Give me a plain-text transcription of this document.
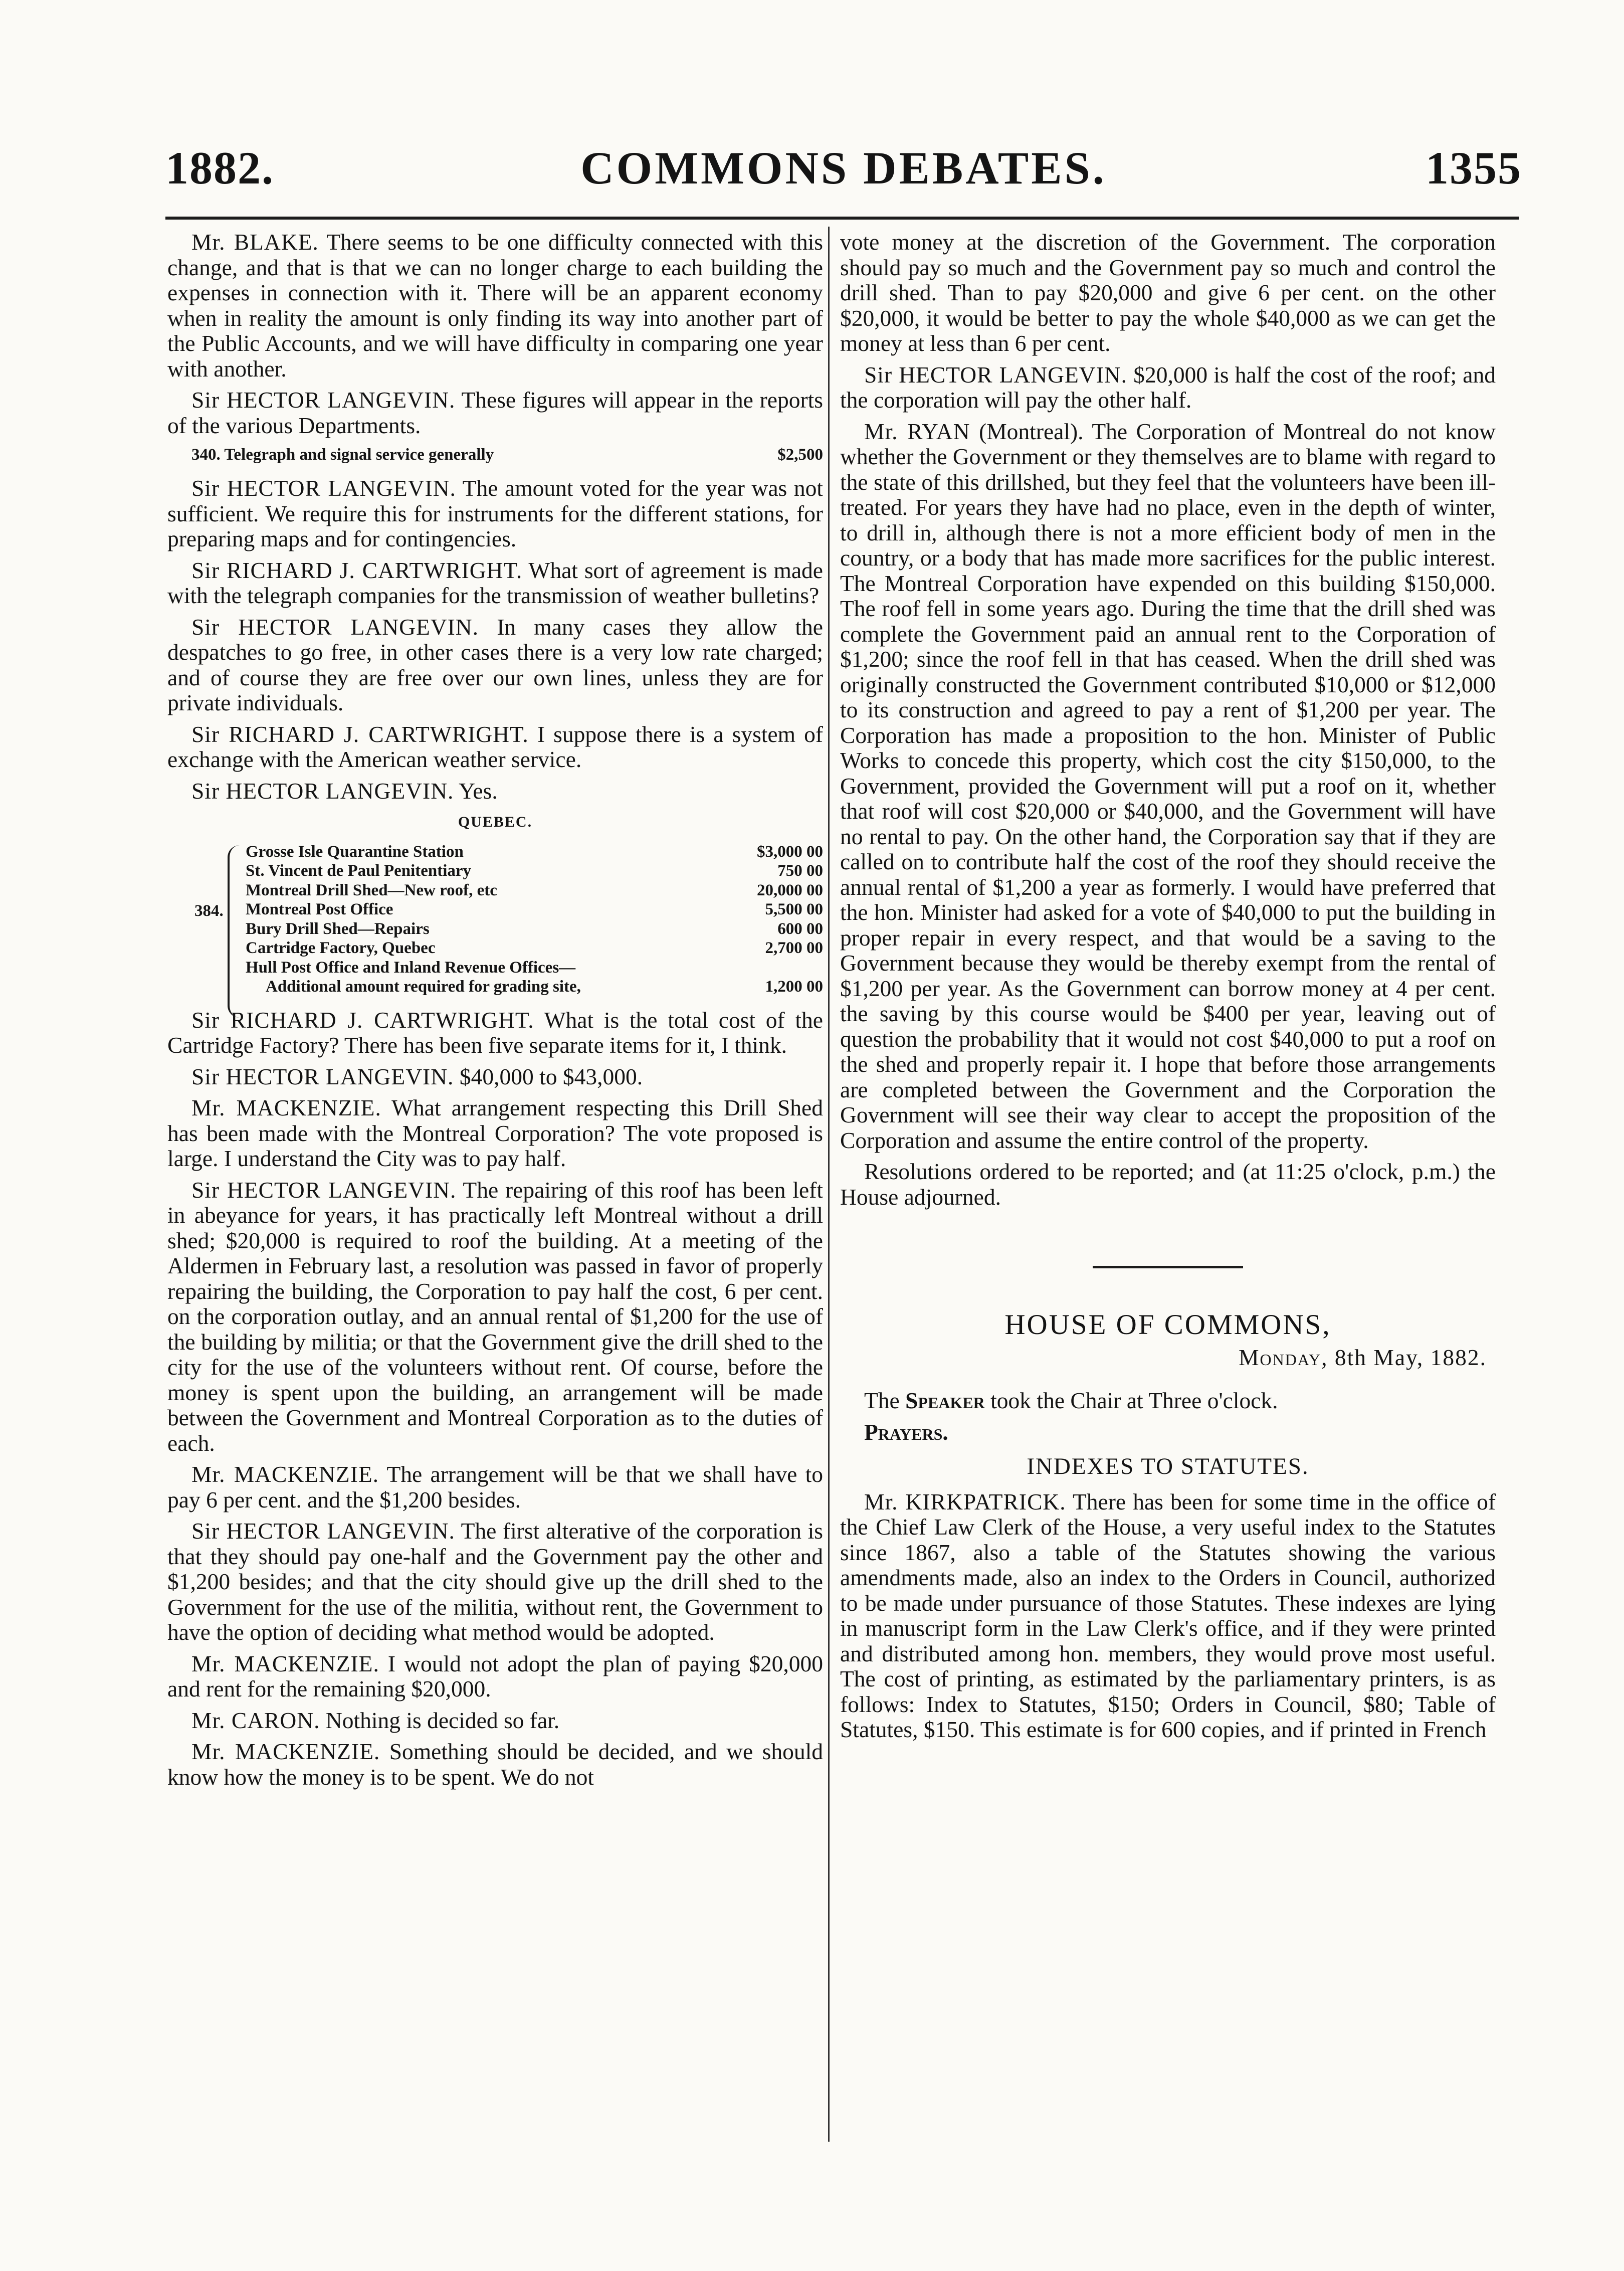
1882.	COMMONS DEBATES.	1355

Mr. BLAKE. There seems to be one difficulty connected with this change, and that is that we can no longer charge to each building the expenses in connection with it. There will be an apparent economy when in reality the amount is only finding its way into another part of the Public Accounts, and we will have difficulty in comparing one year with another.

Sir HECTOR LANGEVIN. These figures will appear in the reports of the various Departments.

340. Telegraph and signal service generally	$2,500

Sir HECTOR LANGEVIN. The amount voted for the year was not sufficient. We require this for instruments for the different stations, for preparing maps and for contingencies.

Sir RICHARD J. CARTWRIGHT. What sort of agreement is made with the telegraph companies for the transmission of weather bulletins?

Sir HECTOR LANGEVIN. In many cases they allow the despatches to go free, in other cases there is a very low rate charged; and of course they are free over our own lines, unless they are for private individuals.

Sir RICHARD J. CARTWRIGHT. I suppose there is a system of exchange with the American weather service.

Sir HECTOR LANGEVIN. Yes.

QUEBEC.
384.
Grosse Isle Quarantine Station	$3,000 00
St. Vincent de Paul Penitentiary	750 00
Montreal Drill Shed—New roof, etc	20,000 00
Montreal Post Office	5,500 00
Bury Drill Shed—Repairs	600 00
Cartridge Factory, Quebec	2,700 00
Hull Post Office and Inland Revenue Offices—
Additional amount required for grading site,	1,200 00

Sir RICHARD J. CARTWRIGHT. What is the total cost of the Cartridge Factory? There has been five separate items for it, I think.

Sir HECTOR LANGEVIN. $40,000 to $43,000.

Mr. MACKENZIE. What arrangement respecting this Drill Shed has been made with the Montreal Corporation? The vote proposed is large. I understand the City was to pay half.

Sir HECTOR LANGEVIN. The repairing of this roof has been left in abeyance for years, it has practically left Montreal without a drill shed; $20,000 is required to roof the building. At a meeting of the Aldermen in February last, a resolution was passed in favor of properly repairing the building, the Corporation to pay half the cost, 6 per cent. on the corporation outlay, and an annual rental of $1,200 for the use of the building by militia; or that the Government give the drill shed to the city for the use of the volunteers without rent. Of course, before the money is spent upon the building, an arrangement will be made between the Government and Montreal Corporation as to the duties of each.

Mr. MACKENZIE. The arrangement will be that we shall have to pay 6 per cent. and the $1,200 besides.

Sir HECTOR LANGEVIN. The first alterative of the corporation is that they should pay one-half and the Government pay the other and $1,200 besides; and that the city should give up the drill shed to the Government for the use of the militia, without rent, the Government to have the option of deciding what method would be adopted.

Mr. MACKENZIE. I would not adopt the plan of paying $20,000 and rent for the remaining $20,000.

Mr. CARON. Nothing is decided so far.

Mr. MACKENZIE. Something should be decided, and we should know how the money is to be spent. We do not

vote money at the discretion of the Government. The corporation should pay so much and the Government pay so much and control the drill shed. Than to pay $20,000 and give 6 per cent. on the other $20,000, it would be better to pay the whole $40,000 as we can get the money at less than 6 per cent.

Sir HECTOR LANGEVIN. $20,000 is half the cost of the roof; and the corporation will pay the other half.

Mr. RYAN (Montreal). The Corporation of Montreal do not know whether the Government or they themselves are to blame with regard to the state of this drillshed, but they feel that the volunteers have been ill-treated. For years they have had no place, even in the depth of winter, to drill in, although there is not a more efficient body of men in the country, or a body that has made more sacrifices for the public interest. The Montreal Corporation have expended on this building $150,000. The roof fell in some years ago. During the time that the drill shed was complete the Government paid an annual rent to the Corporation of $1,200; since the roof fell in that has ceased. When the drill shed was originally constructed the Government contributed $10,000 or $12,000 to its construction and agreed to pay a rent of $1,200 per year. The Corporation has made a proposition to the hon. Minister of Public Works to concede this property, which cost the city $150,000, to the Government, provided the Government will put a roof on it, whether that roof will cost $20,000 or $40,000, and the Government will have no rental to pay. On the other hand, the Corporation say that if they are called on to contribute half the cost of the roof they should receive the annual rental of $1,200 a year as formerly. I would have preferred that the hon. Minister had asked for a vote of $40,000 to put the building in proper repair in every respect, and that would be a saving to the Government because they would be thereby exempt from the rental of $1,200 per year. As the Government can borrow money at 4 per cent. the saving by this course would be $400 per year, leaving out of question the probability that it would not cost $40,000 to put a roof on the shed and properly repair it. I hope that before those arrangements are completed between the Government and the Corporation the Government will see their way clear to accept the proposition of the Corporation and assume the entire control of the property.

Resolutions ordered to be reported; and (at 11:25 o'clock, p.m.) the House adjourned.

HOUSE OF COMMONS,
Monday, 8th May, 1882.

The Speaker took the Chair at Three o'clock.

Prayers.

INDEXES TO STATUTES.

Mr. KIRKPATRICK. There has been for some time in the office of the Chief Law Clerk of the House, a very useful index to the Statutes since 1867, also a table of the Statutes showing the various amendments made, also an index to the Orders in Council, authorized to be made under pursuance of those Statutes. These indexes are lying in manuscript form in the Law Clerk's office, and if they were printed and distributed among hon. members, they would prove most useful. The cost of printing, as estimated by the parliamentary printers, is as follows: Index to Statutes, $150; Orders in Council, $80; Table of Statutes, $150. This estimate is for 600 copies, and if printed in French
